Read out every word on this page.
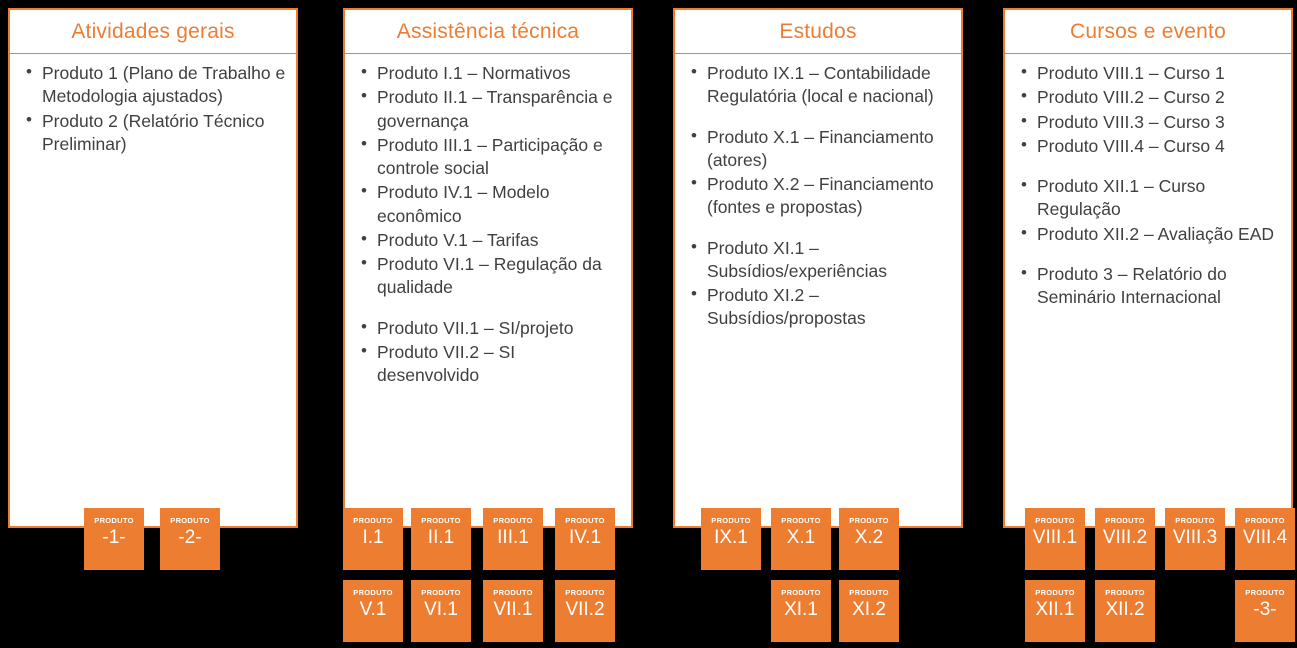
Atividades gerais
• Produto 1 (Plano de Trabalho e Metodologia ajustados)
• Produto 2 (Relatório Técnico Preliminar)
PRODUTO
-1-
PRODUTO
-2-
Assistência técnica
• Produto I.1 – Normativos
• Produto II.1 – Transparência e governança
• Produto III.1 – Participação e controle social
• Produto IV.1 – Modelo econômico
• Produto V.1 – Tarifas
• Produto VI.1 – Regulação da qualidade
• Produto VII.1 – SI/projeto
• Produto VII.2 – SI desenvolvido
PRODUTO
I.1
PRODUTO
II.1
PRODUTO
III.1
PRODUTO
IV.1
PRODUTO
V.1
PRODUTO
VI.1
PRODUTO
VII.1
PRODUTO
VII.2
Estudos
• Produto IX.1 – Contabilidade Regulatória (local e nacional)
• Produto X.1 – Financiamento (atores)
• Produto X.2 – Financiamento (fontes e propostas)
• Produto XI.1 – Subsídios/experiências
• Produto XI.2 – Subsídios/propostas
PRODUTO
IX.1
PRODUTO
X.1
PRODUTO
X.2
PRODUTO
XI.1
PRODUTO
XI.2
Cursos e evento
• Produto VIII.1 – Curso 1
• Produto VIII.2 – Curso 2
• Produto VIII.3 – Curso 3
• Produto VIII.4 – Curso 4
• Produto XII.1 – Curso Regulação
• Produto XII.2 – Avaliação EAD
• Produto 3 – Relatório do Seminário Internacional
PRODUTO
VIII.1
PRODUTO
VIII.2
PRODUTO
VIII.3
PRODUTO
VIII.4
PRODUTO
XII.1
PRODUTO
XII.2
PRODUTO
-3-
